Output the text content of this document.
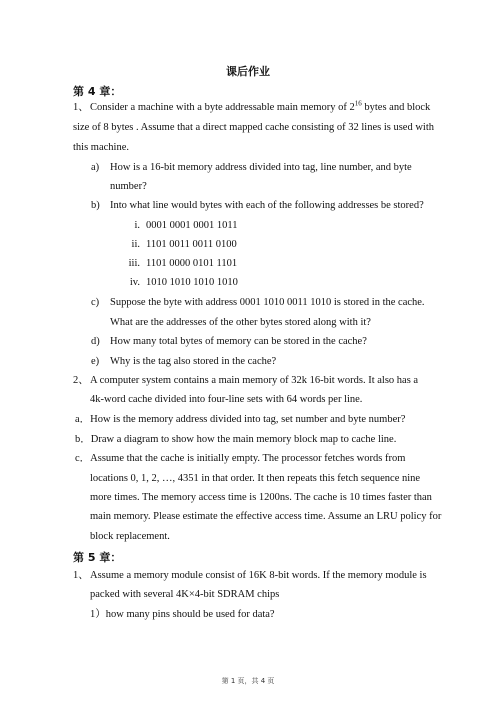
课后作业
第 4 章：
1、 Consider a machine with a byte addressable main memory of $2^{16}$ bytes and block
size of 8 bytes . Assume that a direct mapped cache consisting of 32 lines is used with
this machine.
a) How is a 16-bit memory address divided into tag, line number, and byte
number?
b) Into what line would bytes with each of the following addresses be stored?
i. 0001 0001 0001 1011
ii. 1101 0011 0011 0100
iii. 1101 0000 0101 1101
iv. 1010 1010 1010 1010
c) Suppose the byte with address 0001 1010 0011 1010 is stored in the cache.
What are the addresses of the other bytes stored along with it?
d) How many total bytes of memory can be stored in the cache?
e) Why is the tag also stored in the cache?
2、 A computer system contains a main memory of 32k 16-bit words. It also has a
4k-word cache divided into four-line sets with 64 words per line.
a．How is the memory address divided into tag, set number and byte number?
b．Draw a diagram to show how the main memory block map to cache line.
c．Assume that the cache is initially empty. The processor fetches words from
locations 0, 1, 2, …, 4351 in that order. It then repeats this fetch sequence nine
more times. The memory access time is 1200ns. The cache is 10 times faster than
main memory. Please estimate the effective access time. Assume an LRU policy for
block replacement.
第 5 章：
1、 Assume a memory module consist of 16K 8-bit words. If the memory module is
packed with several 4K×4-bit SDRAM chips
1）how many pins should be used for data?
第 1 页，共 4 页
